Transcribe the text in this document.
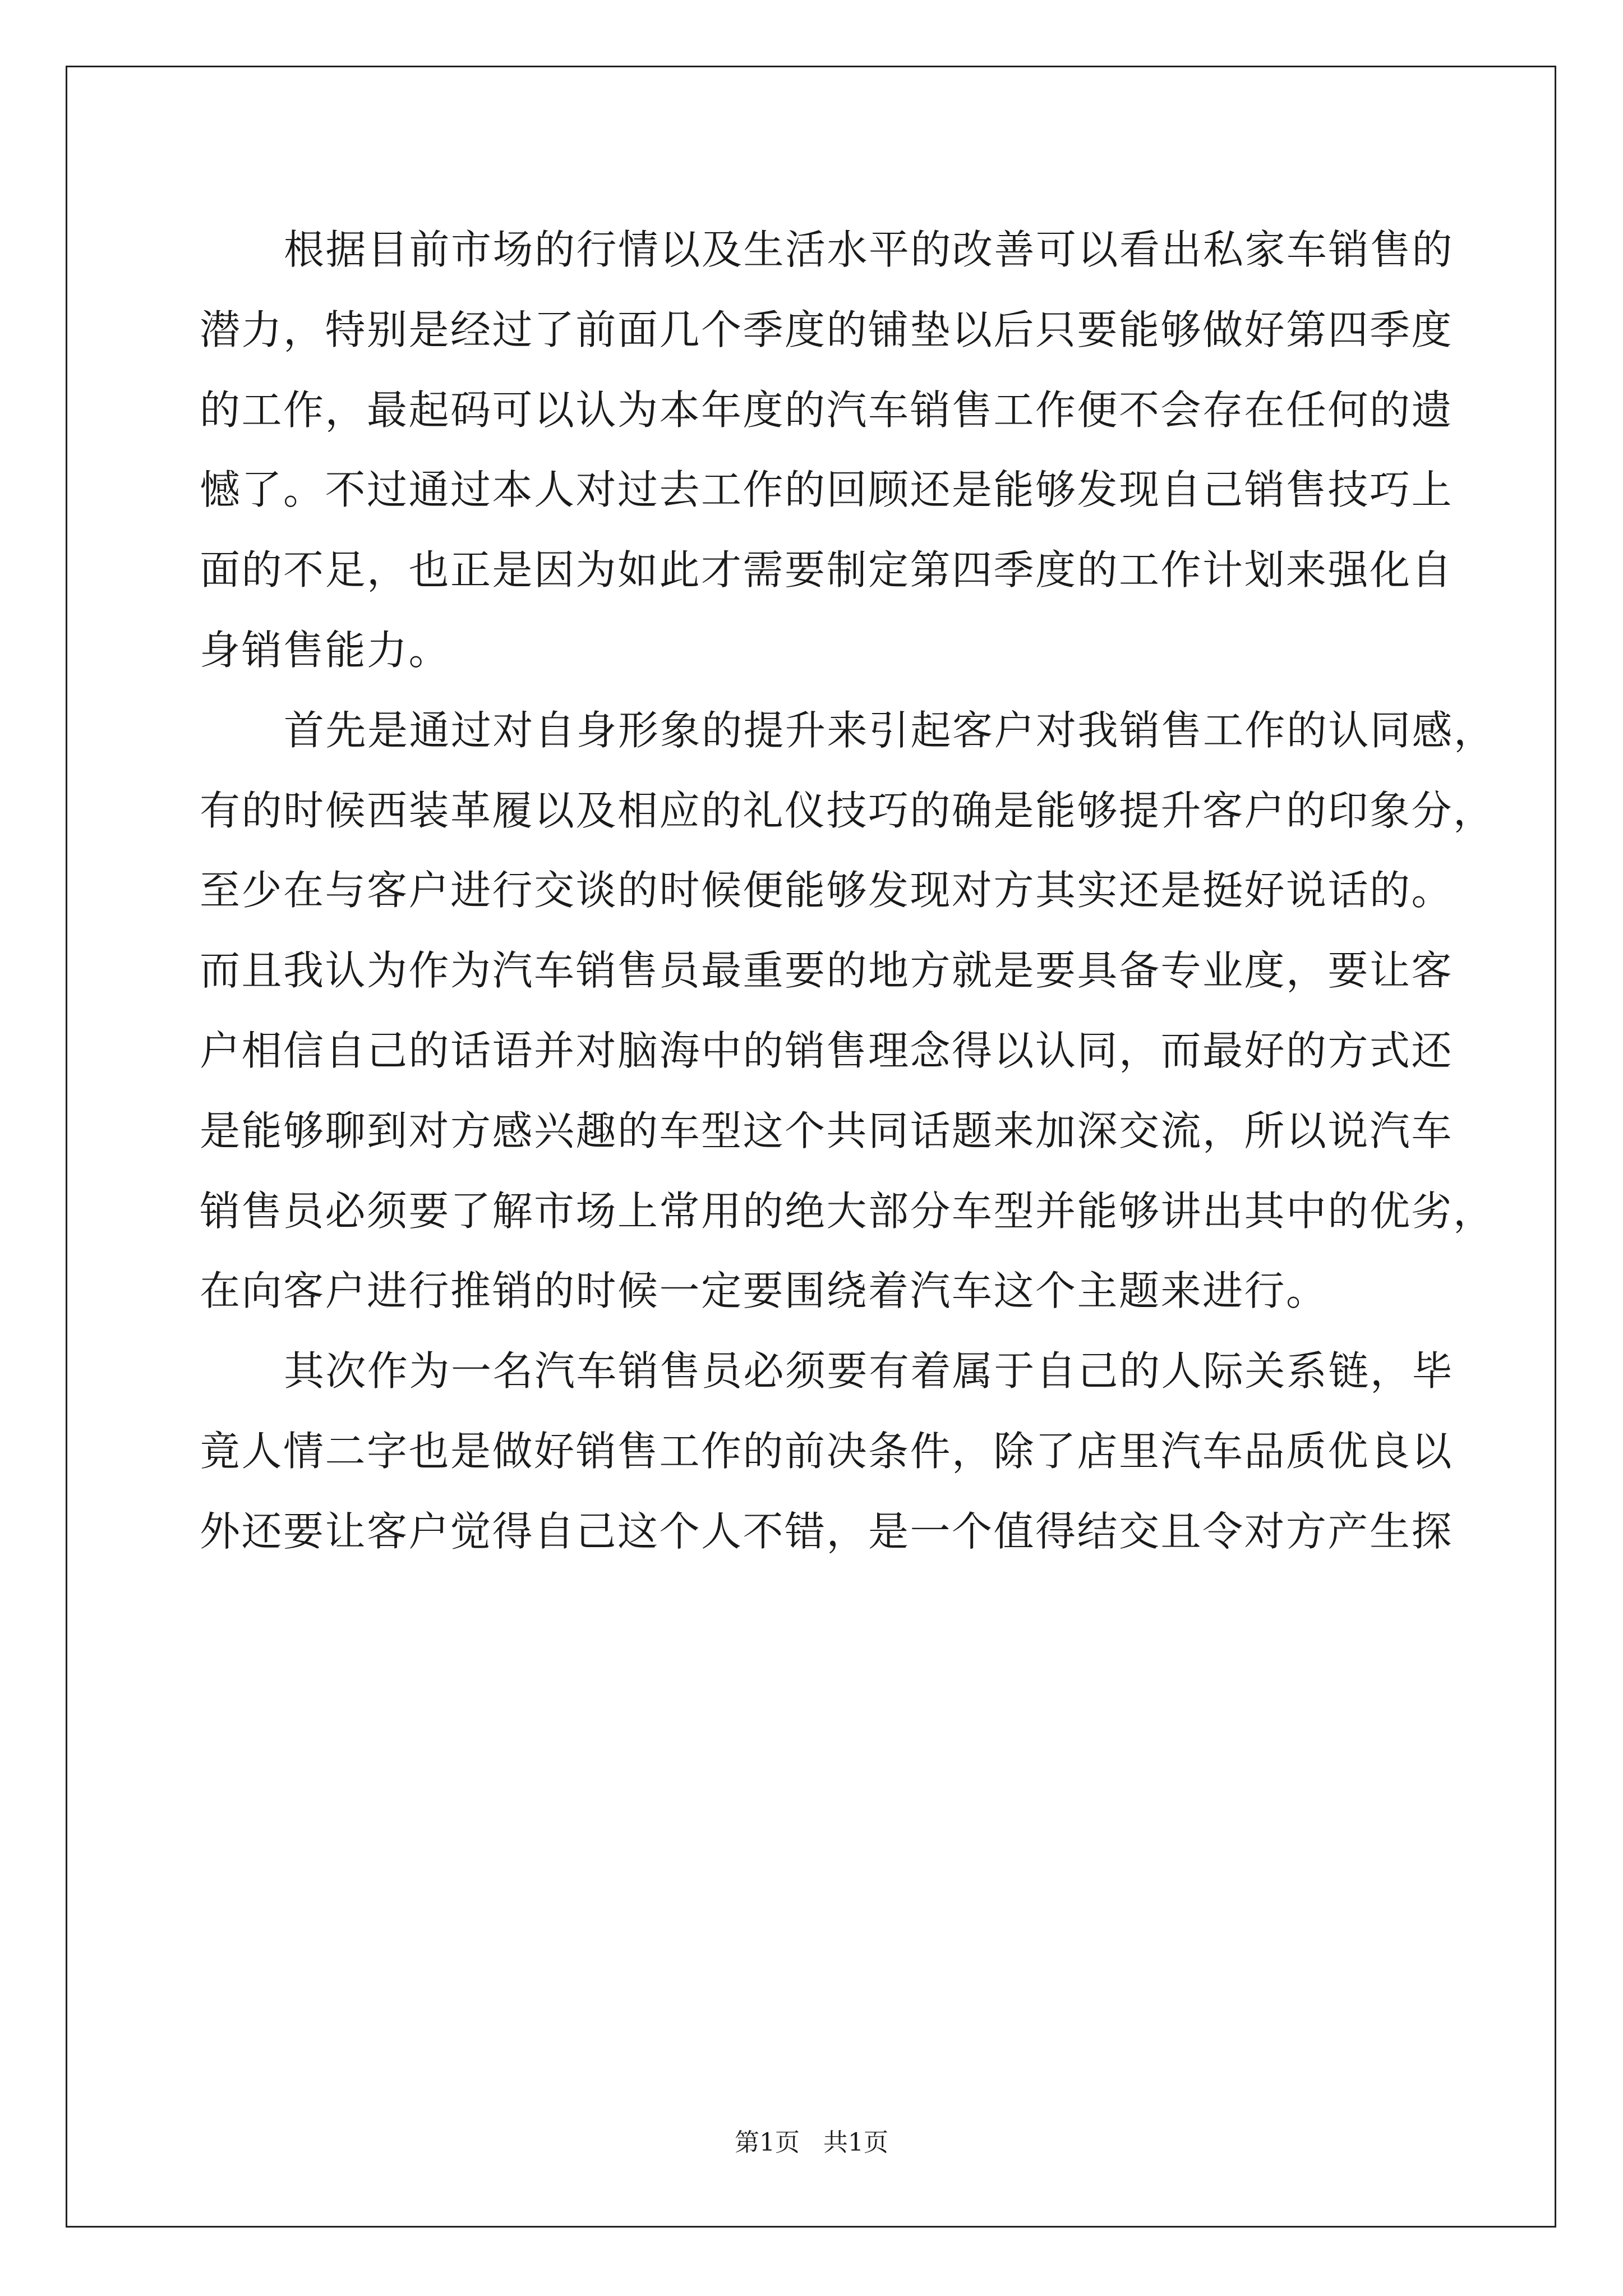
根据目前市场的行情以及生活水平的改善可以看出私家车销售的
潜力，特别是经过了前面几个季度的铺垫以后只要能够做好第四季度
的工作，最起码可以认为本年度的汽车销售工作便不会存在任何的遗
憾了。不过通过本人对过去工作的回顾还是能够发现自己销售技巧上
面的不足，也正是因为如此才需要制定第四季度的工作计划来强化自
身销售能力。
首先是通过对自身形象的提升来引起客户对我销售工作的认同感，
有的时候西装革履以及相应的礼仪技巧的确是能够提升客户的印象分，
至少在与客户进行交谈的时候便能够发现对方其实还是挺好说话的。
而且我认为作为汽车销售员最重要的地方就是要具备专业度，要让客
户相信自己的话语并对脑海中的销售理念得以认同，而最好的方式还
是能够聊到对方感兴趣的车型这个共同话题来加深交流，所以说汽车
销售员必须要了解市场上常用的绝大部分车型并能够讲出其中的优劣，
在向客户进行推销的时候一定要围绕着汽车这个主题来进行。
其次作为一名汽车销售员必须要有着属于自己的人际关系链，毕
竟人情二字也是做好销售工作的前决条件，除了店里汽车品质优良以
外还要让客户觉得自己这个人不错，是一个值得结交且令对方产生探
第1页 共1页
